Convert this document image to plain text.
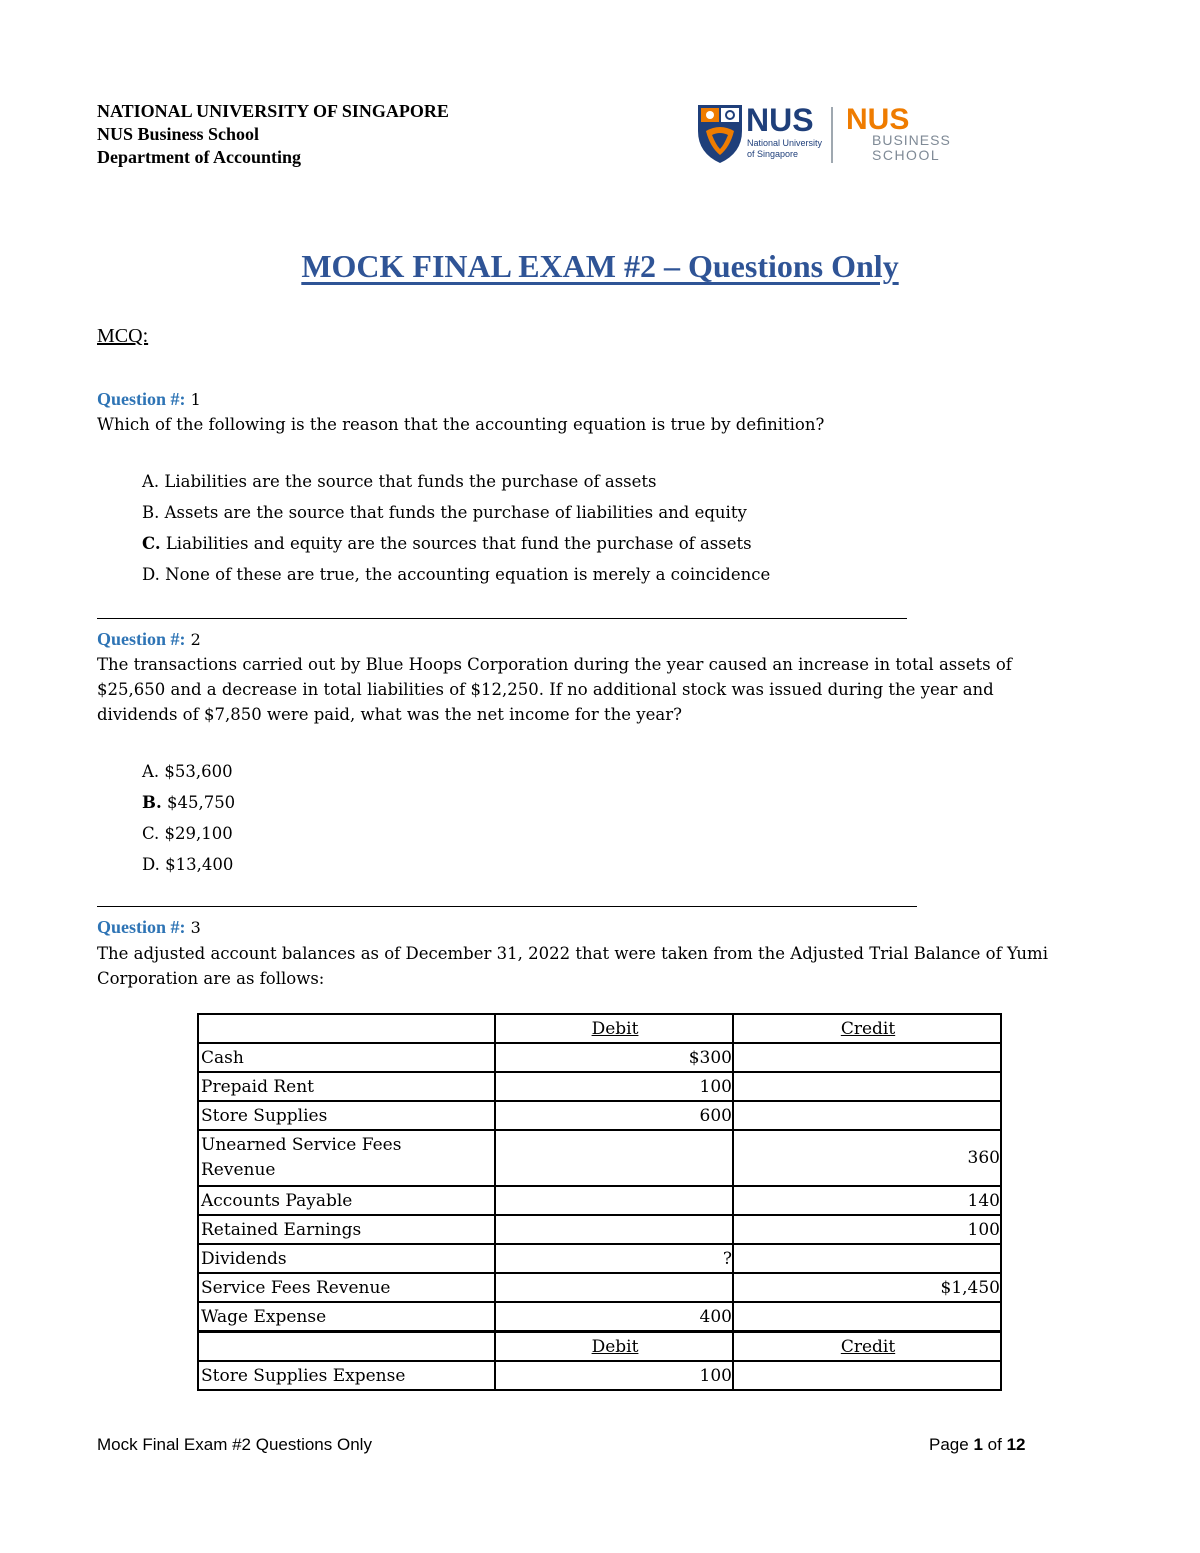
NATIONAL UNIVERSITY OF SINGAPORE
NUS Business School
Department of Accounting
NUS
National University
of Singapore
NUS
BUSINESS
SCHOOL
MOCK FINAL EXAM #2 – Questions Only
MCQ:
Question #: 1
Which of the following is the reason that the accounting equation is true by definition?
A. Liabilities are the source that funds the purchase of assets
B. Assets are the source that funds the purchase of liabilities and equity
C. Liabilities and equity are the sources that fund the purchase of assets
D. None of these are true, the accounting equation is merely a coincidence
Question #: 2
The transactions carried out by Blue Hoops Corporation during the year caused an increase in total assets of $25,650 and a decrease in total liabilities of $12,250. If no additional stock was issued during the year and dividends of $7,850 were paid, what was the net income for the year?
A. $53,600
B. $45,750
C. $29,100
D. $13,400
Question #: 3
The adjusted account balances as of December 31, 2022 that were taken from the Adjusted Trial Balance of Yumi Corporation are as follows:
	Debit	Credit
Cash	$300	
Prepaid Rent	100	
Store Supplies	600	
Unearned Service Fees Revenue		360
Accounts Payable		140
Retained Earnings		100
Dividends	?	
Service Fees Revenue		$1,450
Wage Expense	400	
	Debit	Credit
Store Supplies Expense	100	
Mock Final Exam #2 Questions Only	Page 1 of 12
